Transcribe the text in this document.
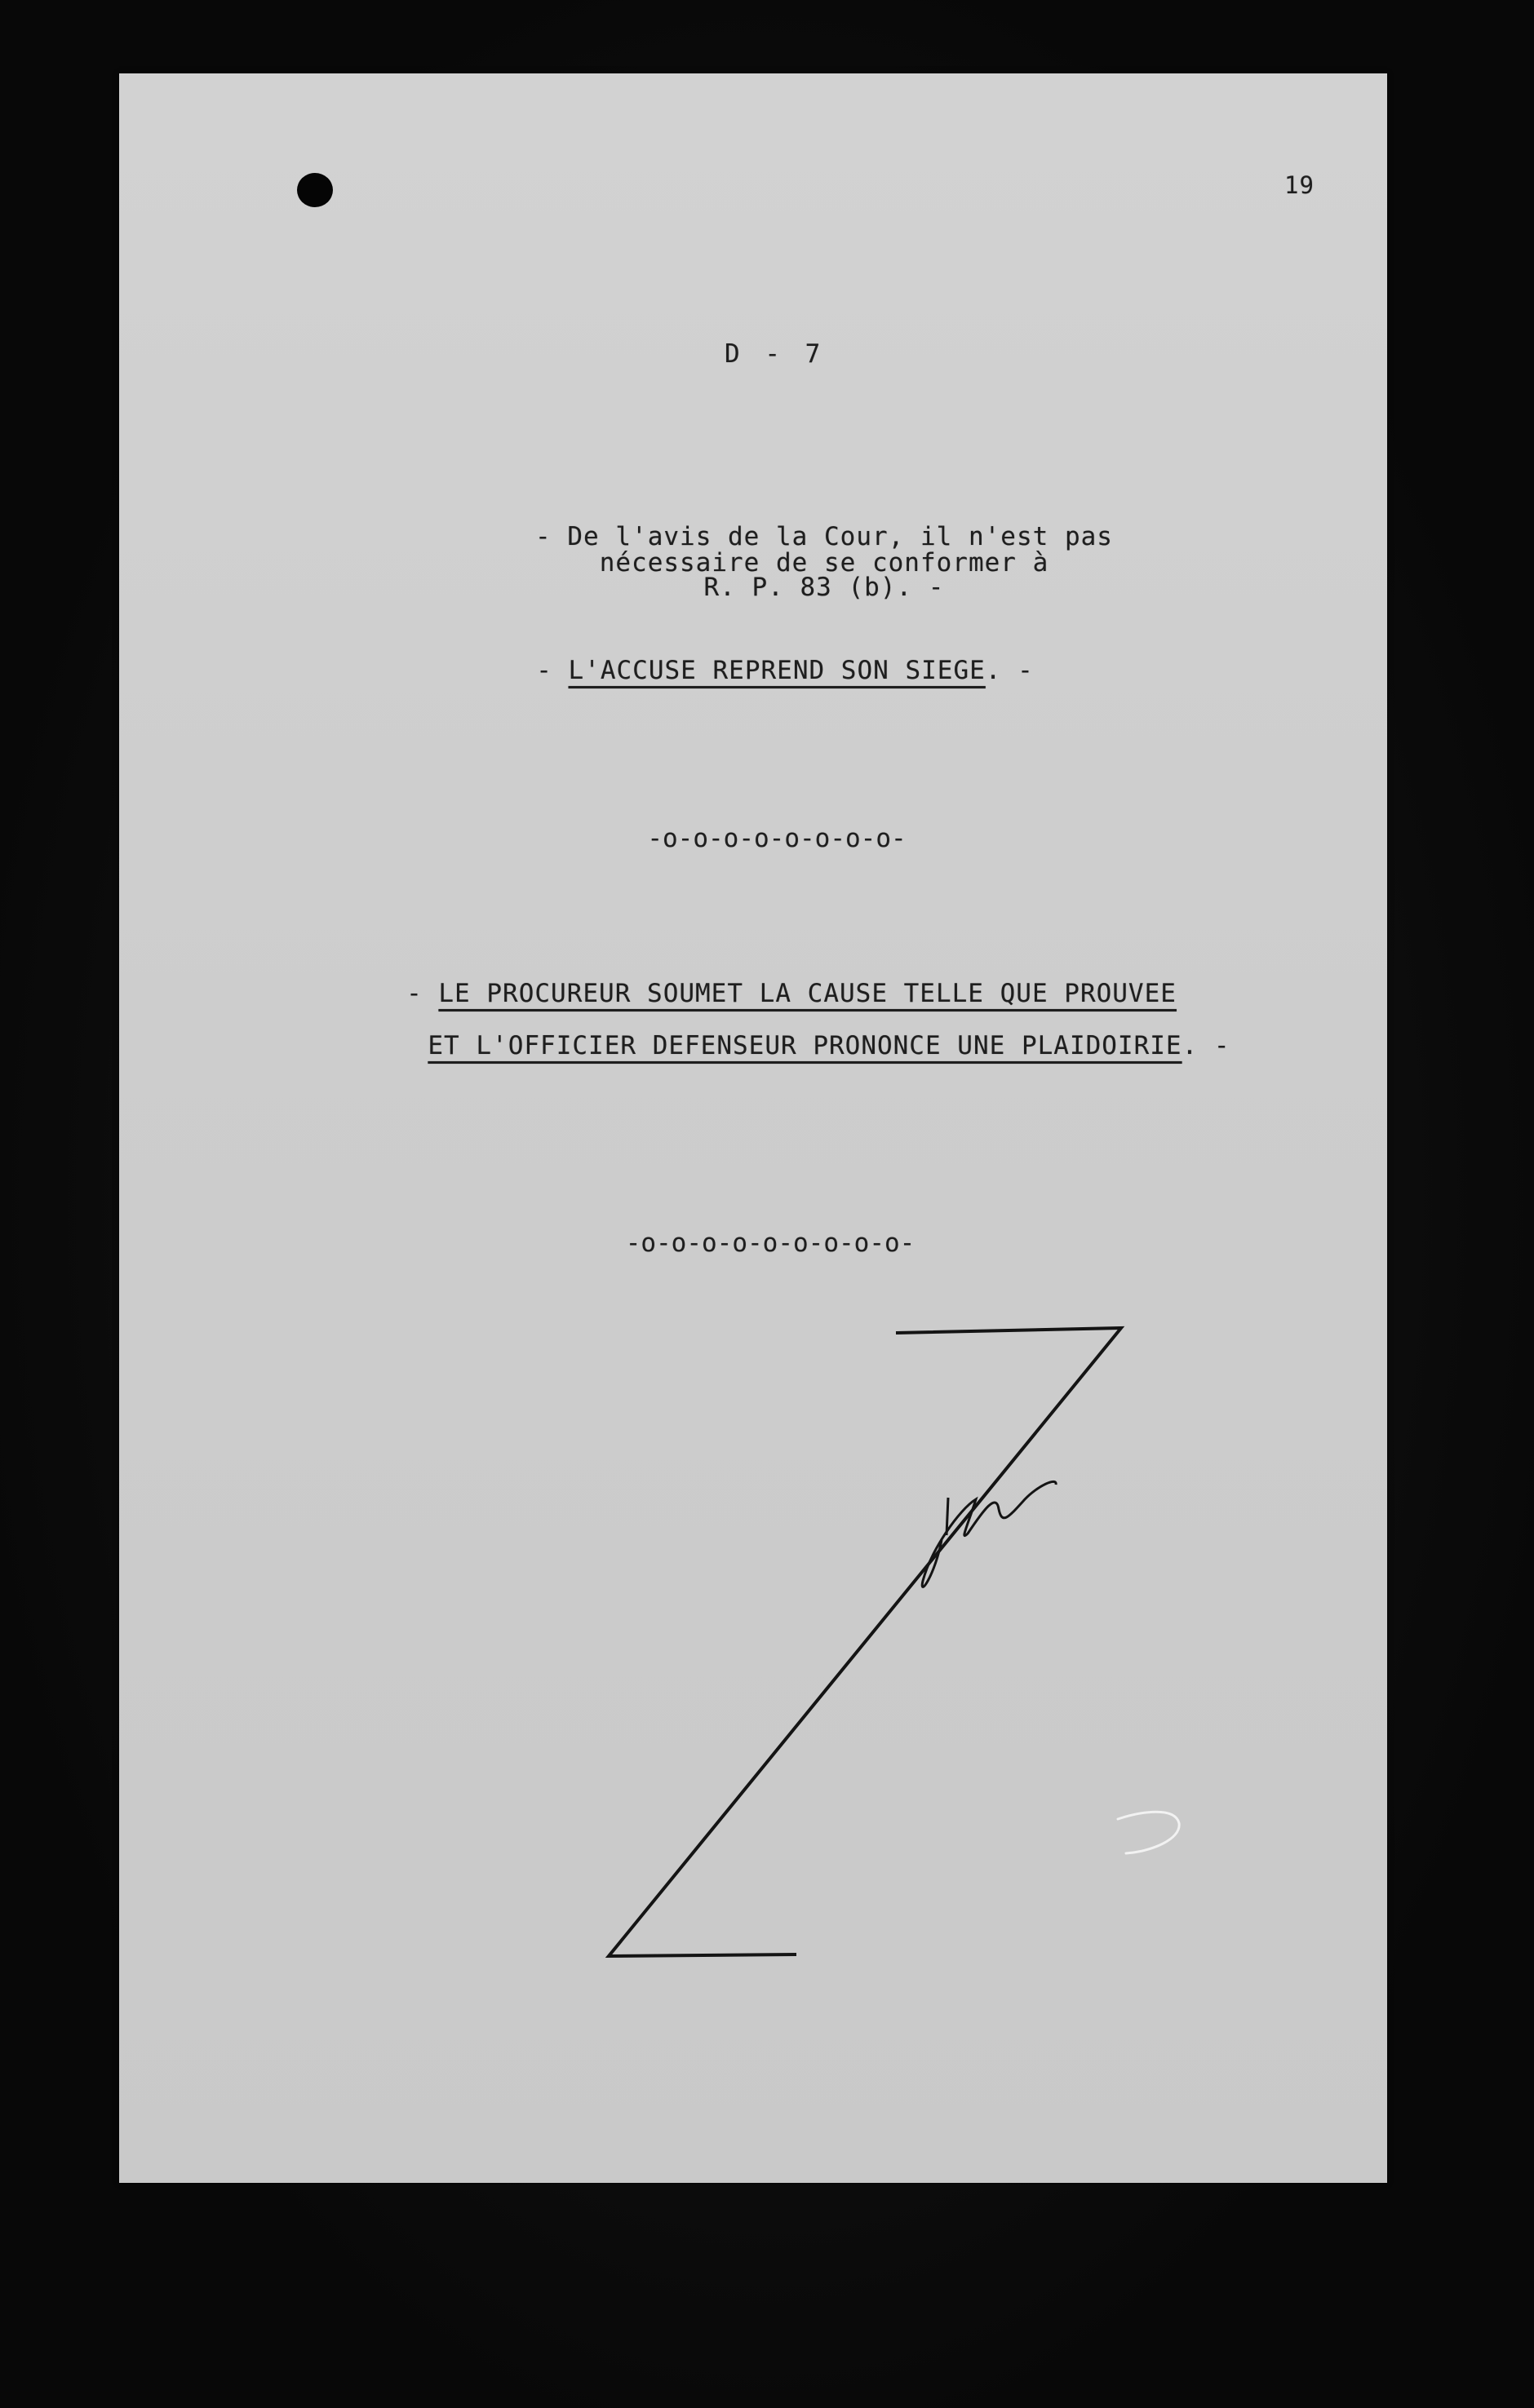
19
D - 7
- De l'avis de la Cour, il n'est pas
nécessaire de se conformer à
R. P. 83 (b). -
- L'ACCUSE REPREND SON SIEGE. -
-o-o-o-o-o-o-o-o-
- LE PROCUREUR SOUMET LA CAUSE TELLE QUE PROUVEE
ET L'OFFICIER DEFENSEUR PRONONCE UNE PLAIDOIRIE. -
-o-o-o-o-o-o-o-o-o-
